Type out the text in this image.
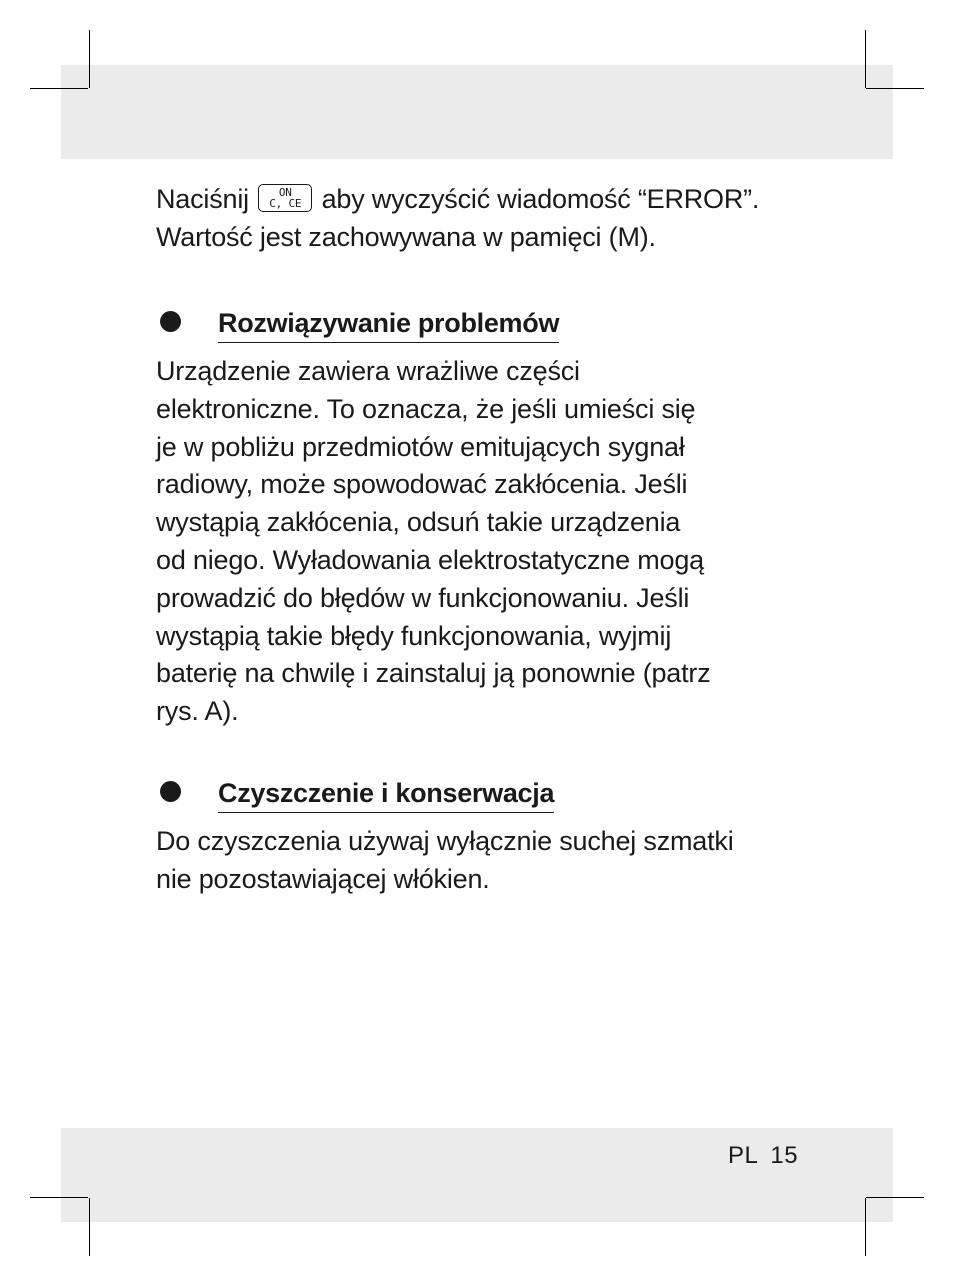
Naciśnij	ON
C, CE aby wyczyścić wiadomość “ERROR”.
Wartość jest zachowywana w pamięci (M).

Rozwiązywanie problemów

Urządzenie zawiera wrażliwe części
elektroniczne. To oznacza, że jeśli umieści się
je w pobliżu przedmiotów emitujących sygnał
radiowy, może spowodować zakłócenia. Jeśli
wystąpią zakłócenia, odsuń takie urządzenia
od niego. Wyładowania elektrostatyczne mogą
prowadzić do błędów w funkcjonowaniu. Jeśli
wystąpią takie błędy funkcjonowania, wyjmij
baterię na chwilę i zainstaluj ją ponownie (patrz
rys. A).

Czyszczenie i konserwacja

Do czyszczenia używaj wyłącznie suchej szmatki
nie pozostawiającej włókien.

PL 15
